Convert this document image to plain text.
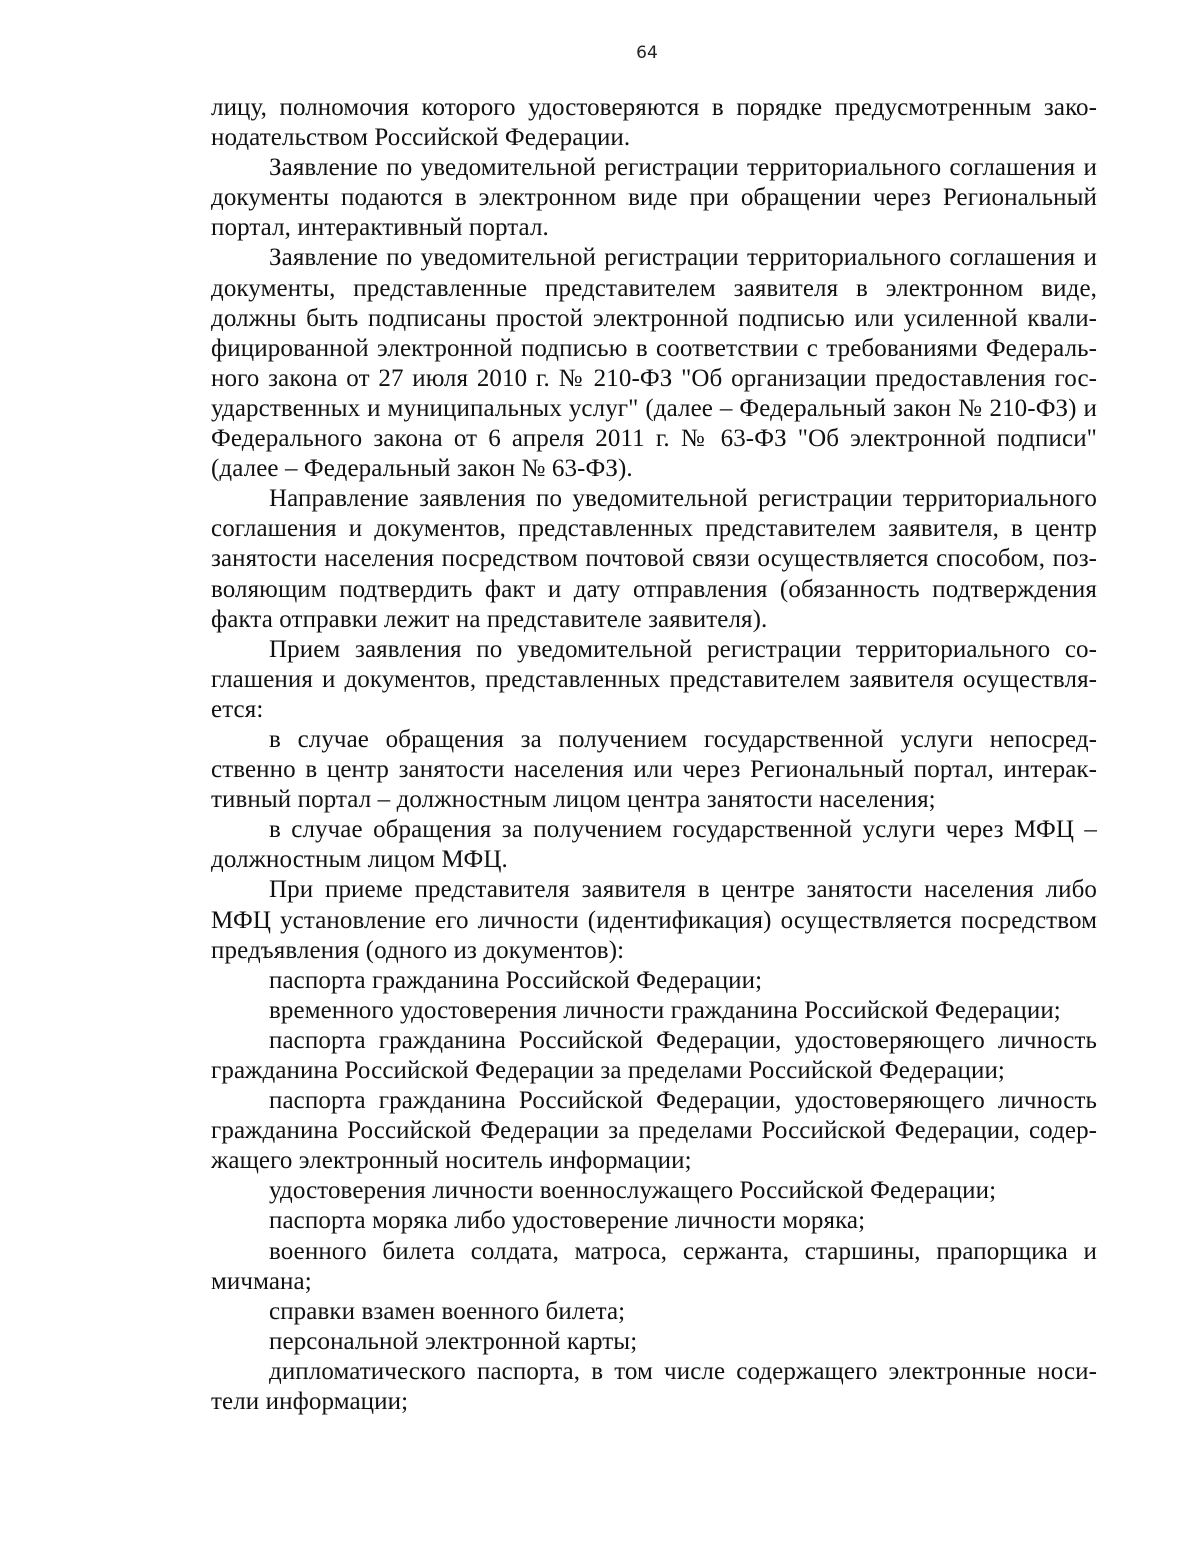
64

лицу, полномочия которого удостоверяются в порядке предусмотренным законодательством Российской Федерации.

Заявление по уведомительной регистрации территориального соглашения и документы подаются в электронном виде при обращении через Региональный портал, интерактивный портал.

Заявление по уведомительной регистрации территориального соглашения и документы, представленные представителем заявителя в электронном виде, должны быть подписаны простой электронной подписью или усиленной квалифицированной электронной подписью в соответствии с требованиями Федерального закона от 27 июля 2010 г. № 210-ФЗ "Об организации предоставления государственных и муниципальных услуг" (далее – Федеральный закон № 210-ФЗ) и Федерального закона от 6 апреля 2011 г. № 63-ФЗ "Об электронной подписи" (далее – Федеральный закон № 63-ФЗ).

Направление заявления по уведомительной регистрации территориального соглашения и документов, представленных представителем заявителя, в центр занятости населения посредством почтовой связи осуществляется способом, позволяющим подтвердить факт и дату отправления (обязанность подтверждения факта отправки лежит на представителе заявителя).

Прием заявления по уведомительной регистрации территориального соглашения и документов, представленных представителем заявителя осуществляется:

в случае обращения за получением государственной услуги непосредственно в центр занятости населения или через Региональный портал, интерактивный портал – должностным лицом центра занятости населения;

в случае обращения за получением государственной услуги через МФЦ – должностным лицом МФЦ.

При приеме представителя заявителя в центре занятости населения либо МФЦ установление его личности (идентификация) осуществляется посредством предъявления (одного из документов):

паспорта гражданина Российской Федерации;

временного удостоверения личности гражданина Российской Федерации;

паспорта гражданина Российской Федерации, удостоверяющего личность гражданина Российской Федерации за пределами Российской Федерации;

паспорта гражданина Российской Федерации, удостоверяющего личность гражданина Российской Федерации за пределами Российской Федерации, содержащего электронный носитель информации;

удостоверения личности военнослужащего Российской Федерации;

паспорта моряка либо удостоверение личности моряка;

военного билета солдата, матроса, сержанта, старшины, прапорщика и мичмана;

справки взамен военного билета;

персональной электронной карты;

дипломатического паспорта, в том числе содержащего электронные носители информации;
